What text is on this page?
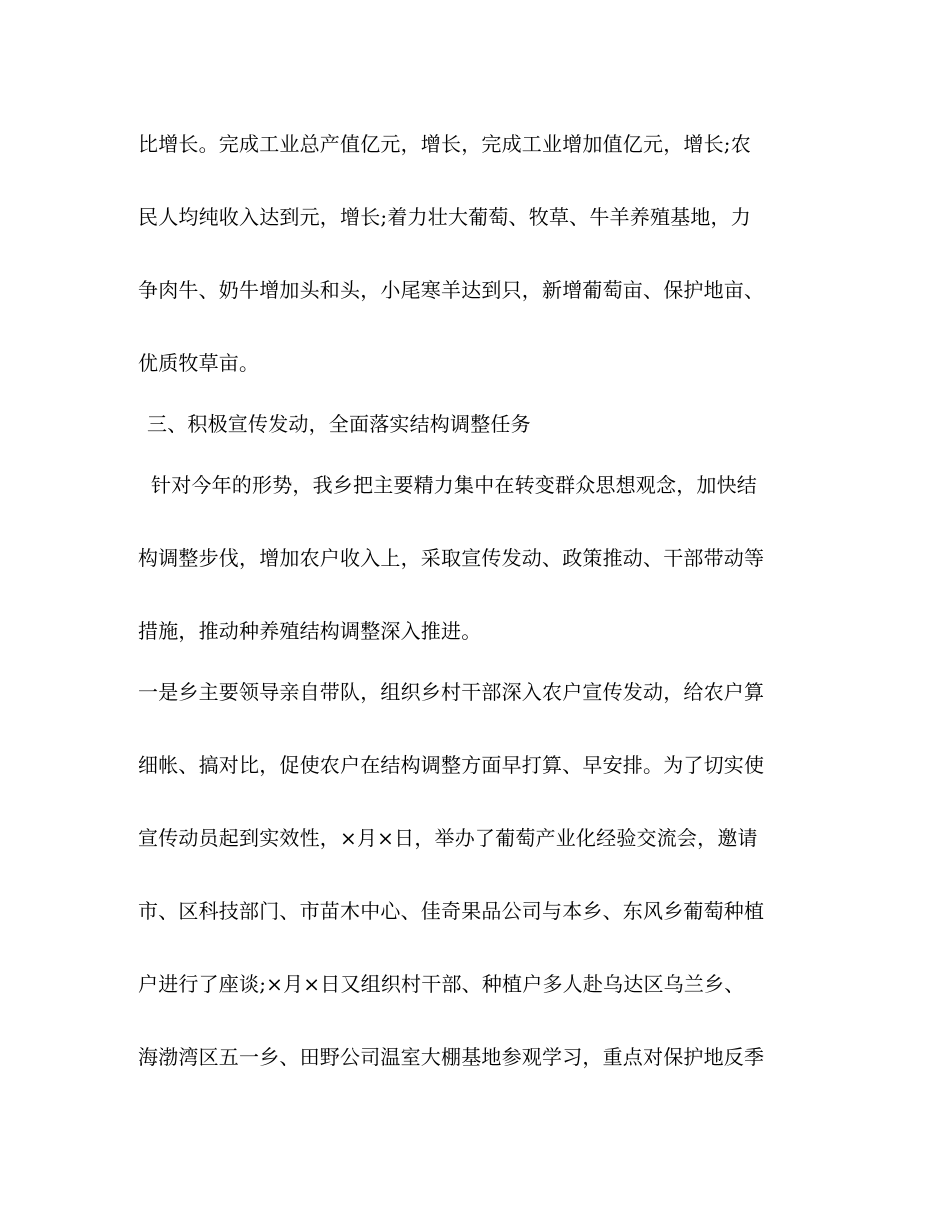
比增长。完成工业总产值亿元，增长，完成工业增加值亿元，增长;农
民人均纯收入达到元，增长;着力壮大葡萄、牧草、牛羊养殖基地，力
争肉牛、奶牛增加头和头，小尾寒羊达到只，新增葡萄亩、保护地亩、
优质牧草亩。
三、积极宣传发动，全面落实结构调整任务
针对今年的形势，我乡把主要精力集中在转变群众思想观念，加快结
构调整步伐，增加农户收入上，采取宣传发动、政策推动、干部带动等
措施，推动种养殖结构调整深入推进。
一是乡主要领导亲自带队，组织乡村干部深入农户宣传发动，给农户算
细帐、搞对比，促使农户在结构调整方面早打算、早安排。为了切实使
宣传动员起到实效性，×月×日，举办了葡萄产业化经验交流会，邀请
市、区科技部门、市苗木中心、佳奇果品公司与本乡、东风乡葡萄种植
户进行了座谈;×月×日又组织村干部、种植户多人赴乌达区乌兰乡、
海渤湾区五一乡、田野公司温室大棚基地参观学习，重点对保护地反季
